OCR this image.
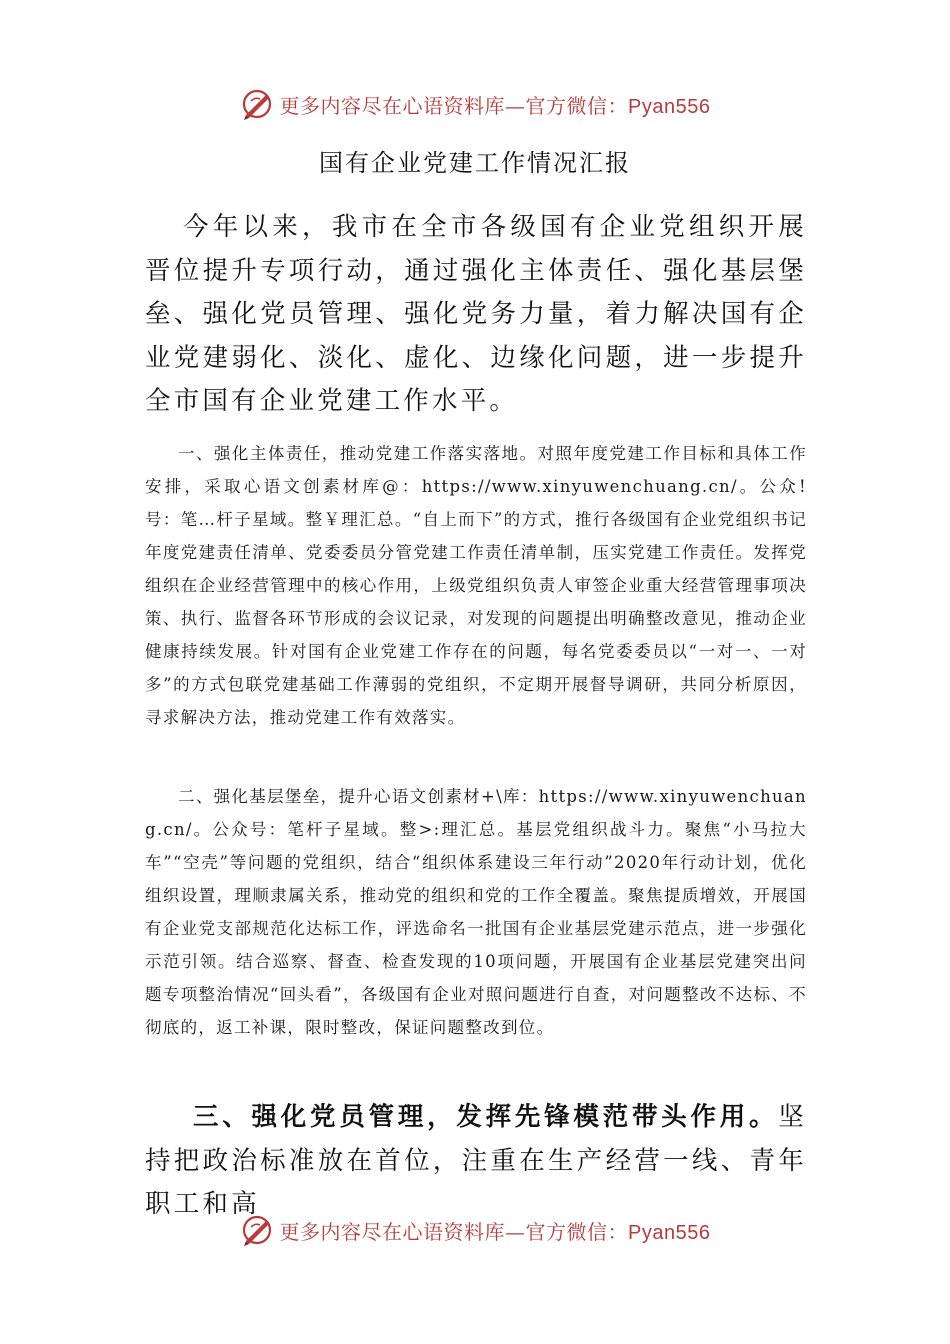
更多内容尽在心语资料库—官方微信：Pyan556
国有企业党建工作情况汇报

今年以来，我市在全市各级国有企业党组织开展晋位提升专项行动，通过强化主体责任、强化基层堡垒、强化党员管理、强化党务力量，着力解决国有企业党建弱化、淡化、虚化、边缘化问题，进一步提升全市国有企业党建工作水平。

一、强化主体责任，推动党建工作落实落地。对照年度党建工作目标和具体工作安排，采取心语文创素材库@：https://www.xinyuwenchuang.cn/。公众!号：笔…杆子星域。整￥理汇总。“自上而下”的方式，推行各级国有企业党组织书记年度党建责任清单、党委委员分管党建工作责任清单制，压实党建工作责任。发挥党组织在企业经营管理中的核心作用，上级党组织负责人审签企业重大经营管理事项决策、执行、监督各环节形成的会议记录，对发现的问题提出明确整改意见，推动企业健康持续发展。针对国有企业党建工作存在的问题，每名党委委员以“一对一、一对多”的方式包联党建基础工作薄弱的党组织，不定期开展督导调研，共同分析原因，寻求解决方法，推动党建工作有效落实。

二、强化基层堡垒，提升心语文创素材+\库：https://www.xinyuwenchuang.cn/。公众号：笔杆子星域。整>:理汇总。基层党组织战斗力。聚焦“小马拉大车”“空壳”等问题的党组织，结合“组织体系建设三年行动”2020年行动计划，优化组织设置，理顺隶属关系，推动党的组织和党的工作全覆盖。聚焦提质增效，开展国有企业党支部规范化达标工作，评选命名一批国有企业基层党建示范点，进一步强化示范引领。结合巡察、督查、检查发现的10项问题，开展国有企业基层党建突出问题专项整治情况“回头看”，各级国有企业对照问题进行自查，对问题整改不达标、不彻底的，返工补课，限时整改，保证问题整改到位。

三、强化党员管理，发挥先锋模范带头作用。坚持把政治标准放在首位，注重在生产经营一线、青年职工和高

更多内容尽在心语资料库—官方微信：Pyan556
